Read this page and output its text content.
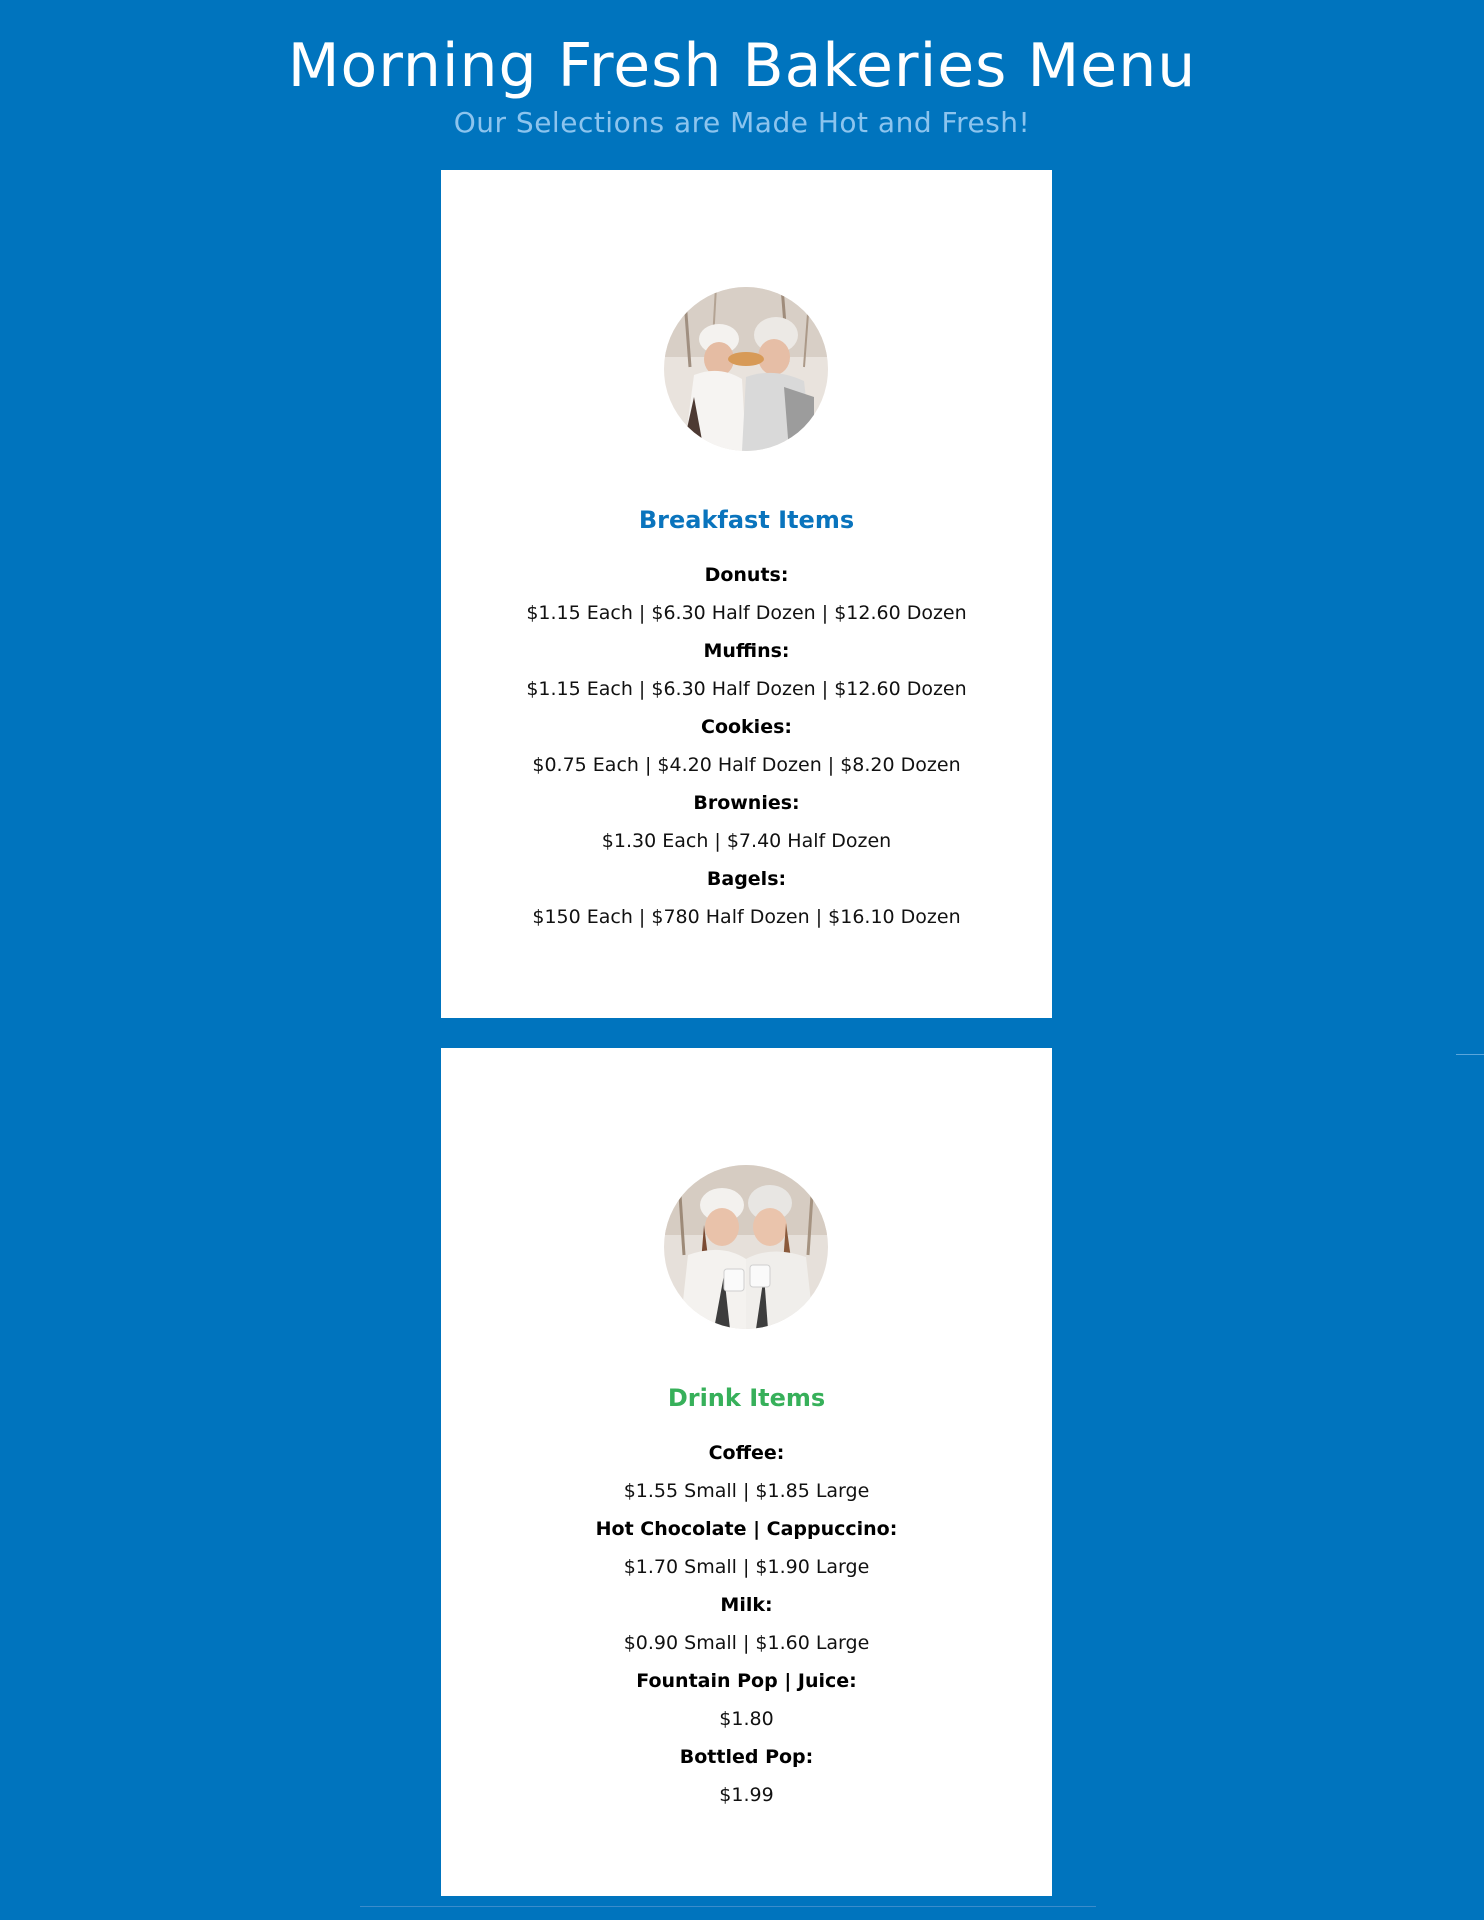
Morning Fresh Bakeries Menu

Our Selections are Made Hot and Fresh!

Breakfast Items
Donuts:
$1.15 Each | $6.30 Half Dozen | $12.60 Dozen
Muffins:
$1.15 Each | $6.30 Half Dozen | $12.60 Dozen
Cookies:
$0.75 Each | $4.20 Half Dozen | $8.20 Dozen
Brownies:
$1.30 Each | $7.40 Half Dozen
Bagels:
$150 Each | $780 Half Dozen | $16.10 Dozen
Drink Items
Coffee:
$1.55 Small | $1.85 Large
Hot Chocolate | Cappuccino:
$1.70 Small | $1.90 Large
Milk:
$0.90 Small | $1.60 Large
Fountain Pop | Juice:
$1.80
Bottled Pop:
$1.99
